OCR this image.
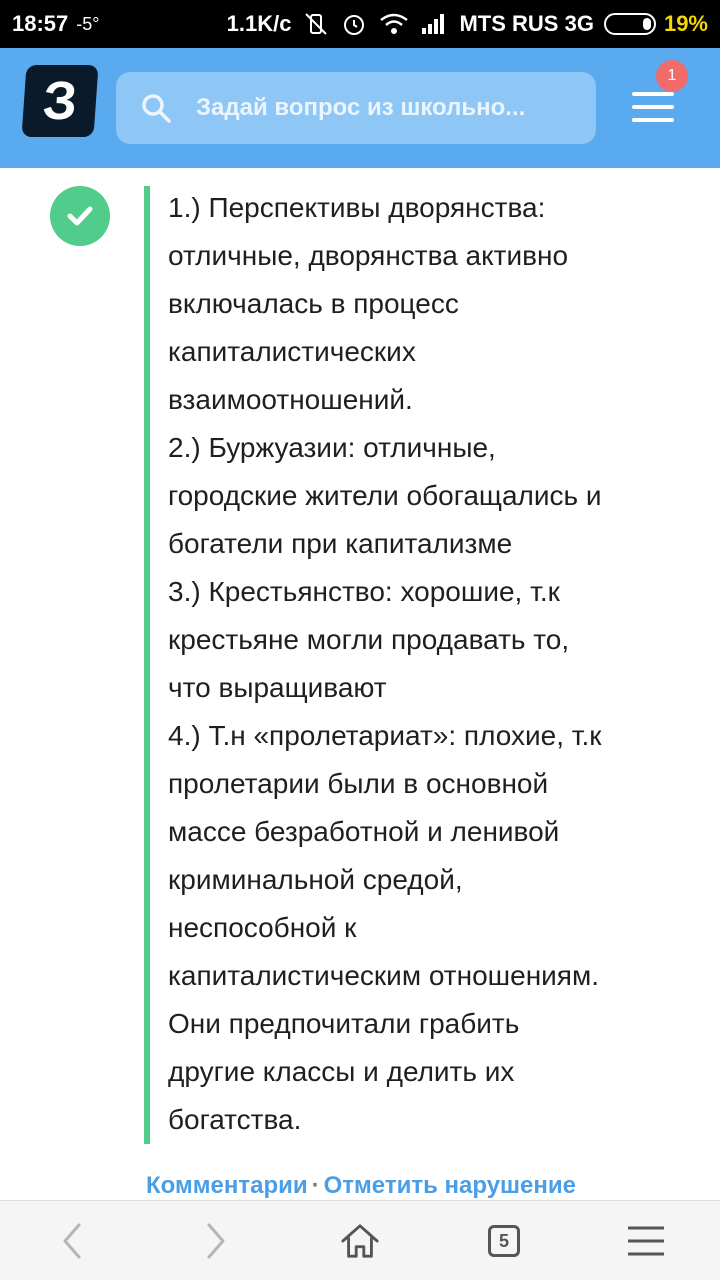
18:57 -5°	1.1K/с	MTS RUS 3G	19%
З	Задай вопрос из школьно...
1

1.) Перспективы дворянства:

отличные, дворянства активно

включалась в процесс

капиталистических

взаимоотношений.

2.) Буржуазии: отличные,

городские жители обогащались и

богатели при капитализме

3.) Крестьянство: хорошие, т.к

крестьяне могли продавать то,

что выращивают

4.) Т.н «пролетариат»: плохие, т.к

пролетарии были в основной

массе безработной и ленивой

криминальной средой,

неспособной к

капиталистическим отношениям.

Они предпочитали грабить

другие классы и делить их

богатства.

Комментарии · Отметить нарушение
5
